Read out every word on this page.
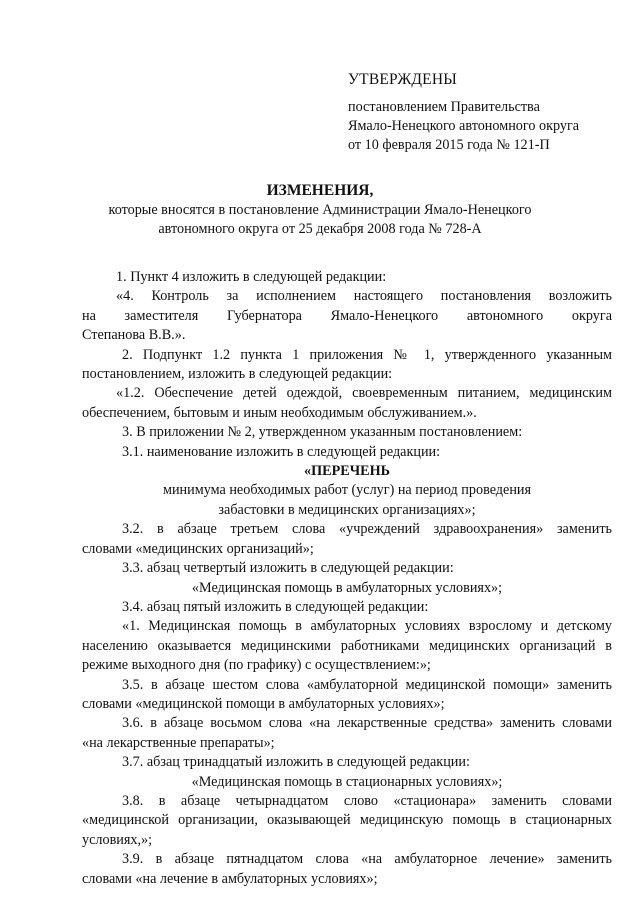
УТВЕРЖДЕНЫ
постановлением Правительства
Ямало-Ненецкого автономного округа
от 10 февраля 2015 года № 121-П
ИЗМЕНЕНИЯ,
которые вносятся в постановление Администрации Ямало-Ненецкого
автономного округа от 25 декабря 2008 года № 728-А

1. Пункт 4 изложить в следующей редакции:

«4. Контроль за исполнением настоящего постановления возложить

на заместителя Губернатора Ямало-Ненецкого автономного округа

Степанова В.В.».

2. Подпункт 1.2 пункта 1 приложения № 1, утвержденного указанным

постановлением, изложить в следующей редакции:

«1.2. Обеспечение детей одеждой, своевременным питанием, медицинским

обеспечением, бытовым и иным необходимым обслуживанием.».

3. В приложении № 2, утвержденном указанным постановлением:

3.1. наименование изложить в следующей редакции:

«ПЕРЕЧЕНЬ

минимума необходимых работ (услуг) на период проведения

забастовки в медицинских организациях»;

3.2. в абзаце третьем слова «учреждений здравоохранения» заменить

словами «медицинских организаций»;

3.3. абзац четвертый изложить в следующей редакции:

«Медицинская помощь в амбулаторных условиях»;

3.4. абзац пятый изложить в следующей редакции:

«1. Медицинская помощь в амбулаторных условиях взрослому и детскому

населению оказывается медицинскими работниками медицинских организаций в

режиме выходного дня (по графику) с осуществлением:»;

3.5. в абзаце шестом слова «амбулаторной медицинской помощи» заменить

словами «медицинской помощи в амбулаторных условиях»;

3.6. в абзаце восьмом слова «на лекарственные средства» заменить словами

«на лекарственные препараты»;

3.7. абзац тринадцатый изложить в следующей редакции:

«Медицинская помощь в стационарных условиях»;

3.8. в абзаце четырнадцатом слово «стационара» заменить словами

«медицинской организации, оказывающей медицинскую помощь в стационарных

условиях,»;

3.9. в абзаце пятнадцатом слова «на амбулаторное лечение» заменить

словами «на лечение в амбулаторных условиях»;
